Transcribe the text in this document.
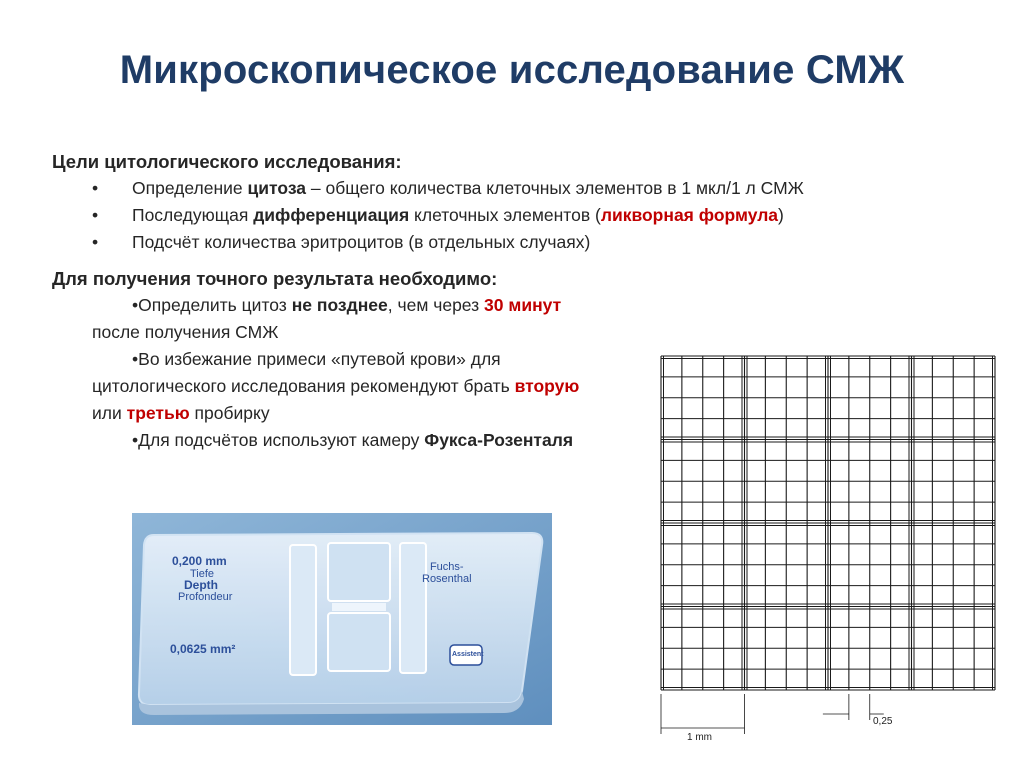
Микроскопическое исследование СМЖ

Цели цитологического исследования:

• Определение цитоза – общего количества клеточных элементов в 1 мкл/1 л СМЖ
• Последующая дифференциация клеточных элементов (ликворная формула)
• Подсчёт количества эритроцитов (в отдельных случаях)

Для получения точного результата необходимо:

•Определить цитоз не позднее, чем через 30 минут после получения СМЖ
•Во избежание примеси «путевой крови» для цитологического исследования рекомендуют брать вторую или третью пробирку
•Для подсчётов используют камеру Фукса-Розенталя
0,200 mm
Tiefe
Depth
Profondeur
0,0625 mm²
Fuchs-
Rosenthal
Assistent
1 mm
0,25
